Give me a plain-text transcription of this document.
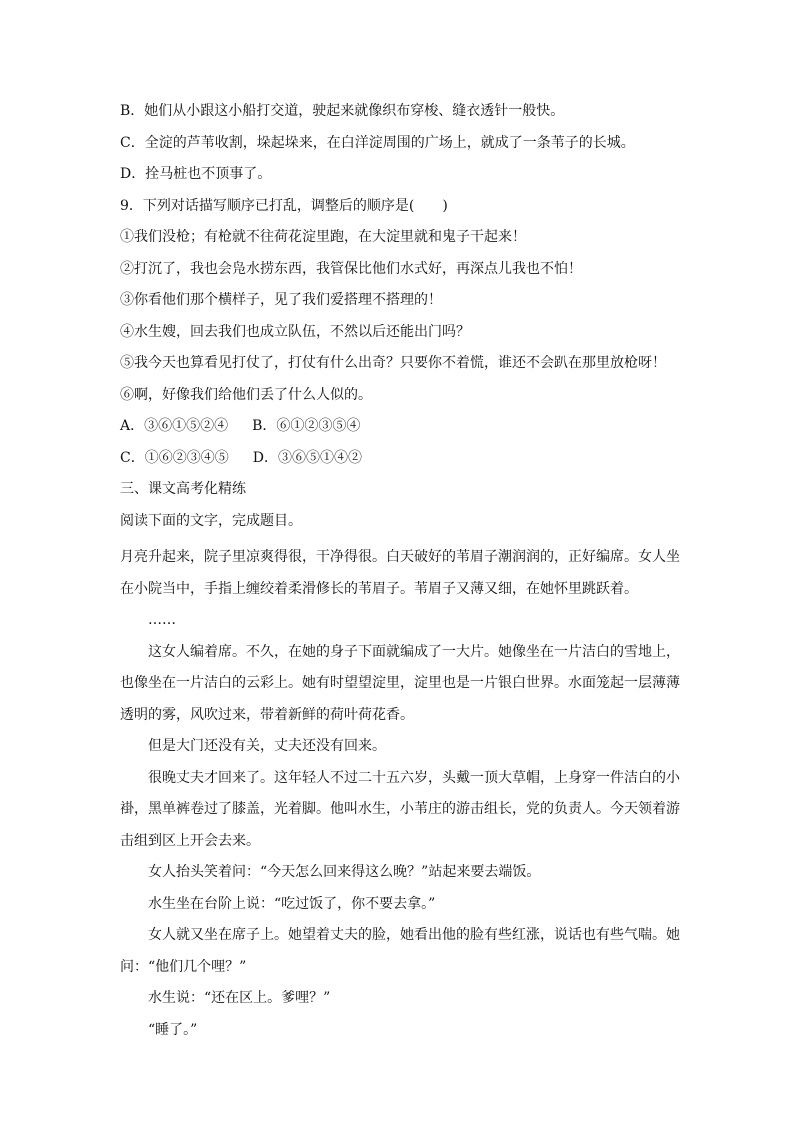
B．她们从小跟这小船打交道，驶起来就像织布穿梭、缝衣透针一般快。
C．全淀的芦苇收割，垛起垛来，在白洋淀周围的广场上，就成了一条苇子的长城。
D．拴马桩也不顶事了。
9．下列对话描写顺序已打乱，调整后的顺序是(　　)
①我们没枪；有枪就不往荷花淀里跑，在大淀里就和鬼子干起来！
②打沉了，我也会凫水捞东西，我管保比他们水式好，再深点儿我也不怕！
③你看他们那个横样子，见了我们爱搭理不搭理的！
④水生嫂，回去我们也成立队伍，不然以后还能出门吗？
⑤我今天也算看见打仗了，打仗有什么出奇？只要你不着慌，谁还不会趴在那里放枪呀！
⑥啊，好像我们给他们丢了什么人似的。
A．③⑥①⑤②④ B．⑥①②③⑤④
C．①⑥②③④⑤ D．③⑥⑤①④②
三、课文高考化精练
阅读下面的文字，完成题目。

月亮升起来，院子里凉爽得很，干净得很。白天破好的苇眉子潮润润的，正好编席。女人坐在小院当中，手指上缠绞着柔滑修长的苇眉子。苇眉子又薄又细，在她怀里跳跃着。

……

这女人编着席。不久，在她的身子下面就编成了一大片。她像坐在一片洁白的雪地上，也像坐在一片洁白的云彩上。她有时望望淀里，淀里也是一片银白世界。水面笼起一层薄薄透明的雾，风吹过来，带着新鲜的荷叶荷花香。

但是大门还没有关，丈夫还没有回来。

很晚丈夫才回来了。这年轻人不过二十五六岁，头戴一顶大草帽，上身穿一件洁白的小褂，黑单裤卷过了膝盖，光着脚。他叫水生，小苇庄的游击组长，党的负责人。今天领着游击组到区上开会去来。

女人抬头笑着问：“今天怎么回来得这么晚？”站起来要去端饭。

水生坐在台阶上说：“吃过饭了，你不要去拿。”

女人就又坐在席子上。她望着丈夫的脸，她看出他的脸有些红涨，说话也有些气喘。她问：“他们几个哩？”

水生说：“还在区上。爹哩？”

“睡了。”
